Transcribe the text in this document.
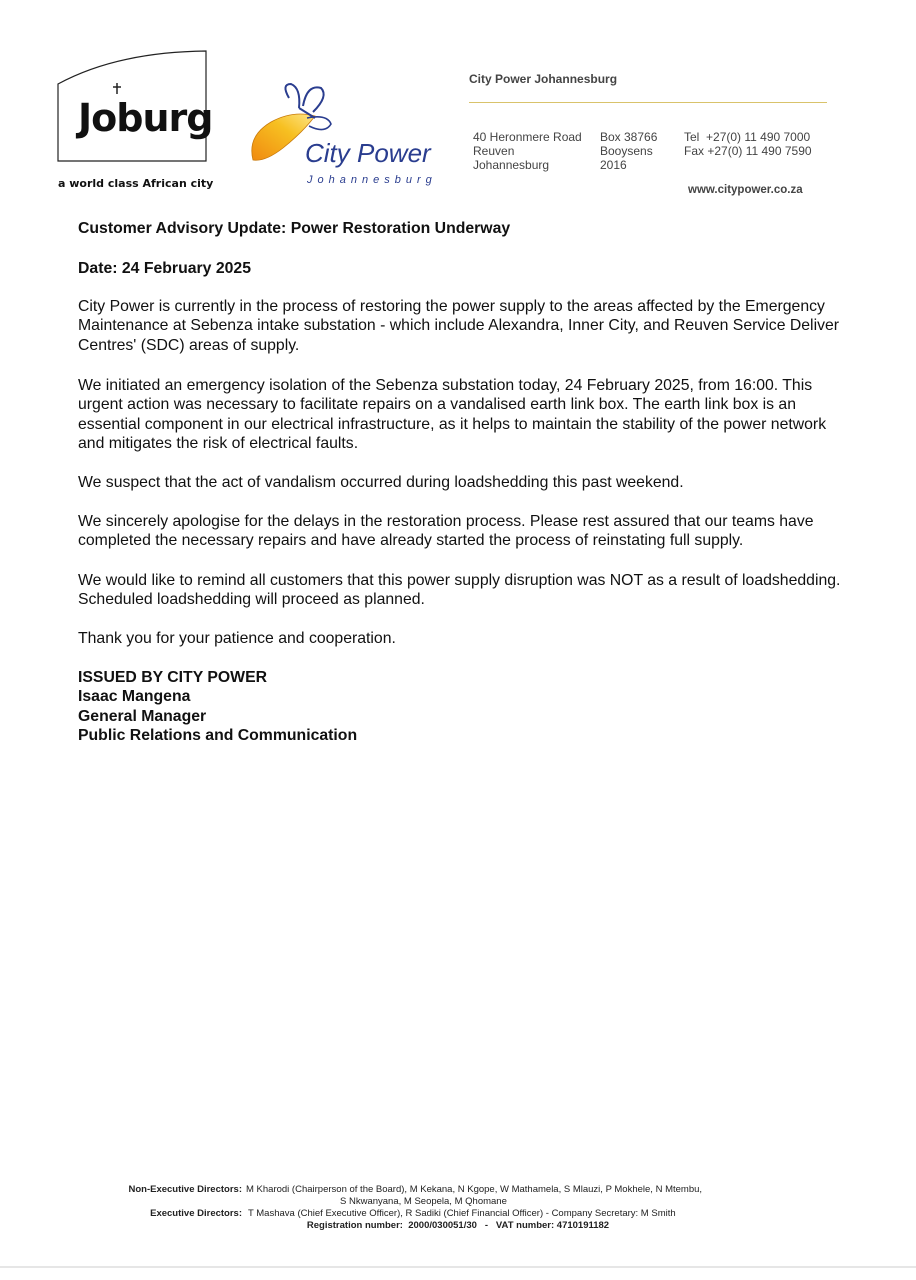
Joburg
a world class African city
City Power
Johannesburg
City Power Johannesburg
40 Heronmere Road
Reuven
Johannesburg
Box 38766
Booysens
2016
Tel  +27(0) 11 490 7000
Fax +27(0) 11 490 7590
www.citypower.co.za
Customer Advisory Update: Power Restoration Underway
Date: 24 February 2025
City Power is currently in the process of restoring the power supply to the areas affected by the Emergency Maintenance at Sebenza intake substation - which include Alexandra, Inner City, and Reuven Service Deliver Centres' (SDC) areas of supply.
We initiated an emergency isolation of the Sebenza substation today, 24 February 2025, from 16:00. This urgent action was necessary to facilitate repairs on a vandalised earth link box. The earth link box is an essential component in our electrical infrastructure, as it helps to maintain the stability of the power network and mitigates the risk of electrical faults.
We suspect that the act of vandalism occurred during loadshedding this past weekend.
We sincerely apologise for the delays in the restoration process. Please rest assured that our teams have completed the necessary repairs and have already started the process of reinstating full supply.
We would like to remind all customers that this power supply disruption was NOT as a result of loadshedding. Scheduled loadshedding will proceed as planned.
Thank you for your patience and cooperation.
ISSUED BY CITY POWER
Isaac Mangena
General Manager
Public Relations and Communication
Non-Executive Directors: M Kharodi (Chairperson of the Board), M Kekana, N Kgope, W Mathamela, S Mlauzi, P Mokhele, N Mtembu,
S Nkwanyana, M Seopela, M Qhomane
Executive Directors: T Mashava (Chief Executive Officer), R Sadiki (Chief Financial Officer) - Company Secretary: M Smith
Registration number:  2000/030051/30   -   VAT number: 4710191182
